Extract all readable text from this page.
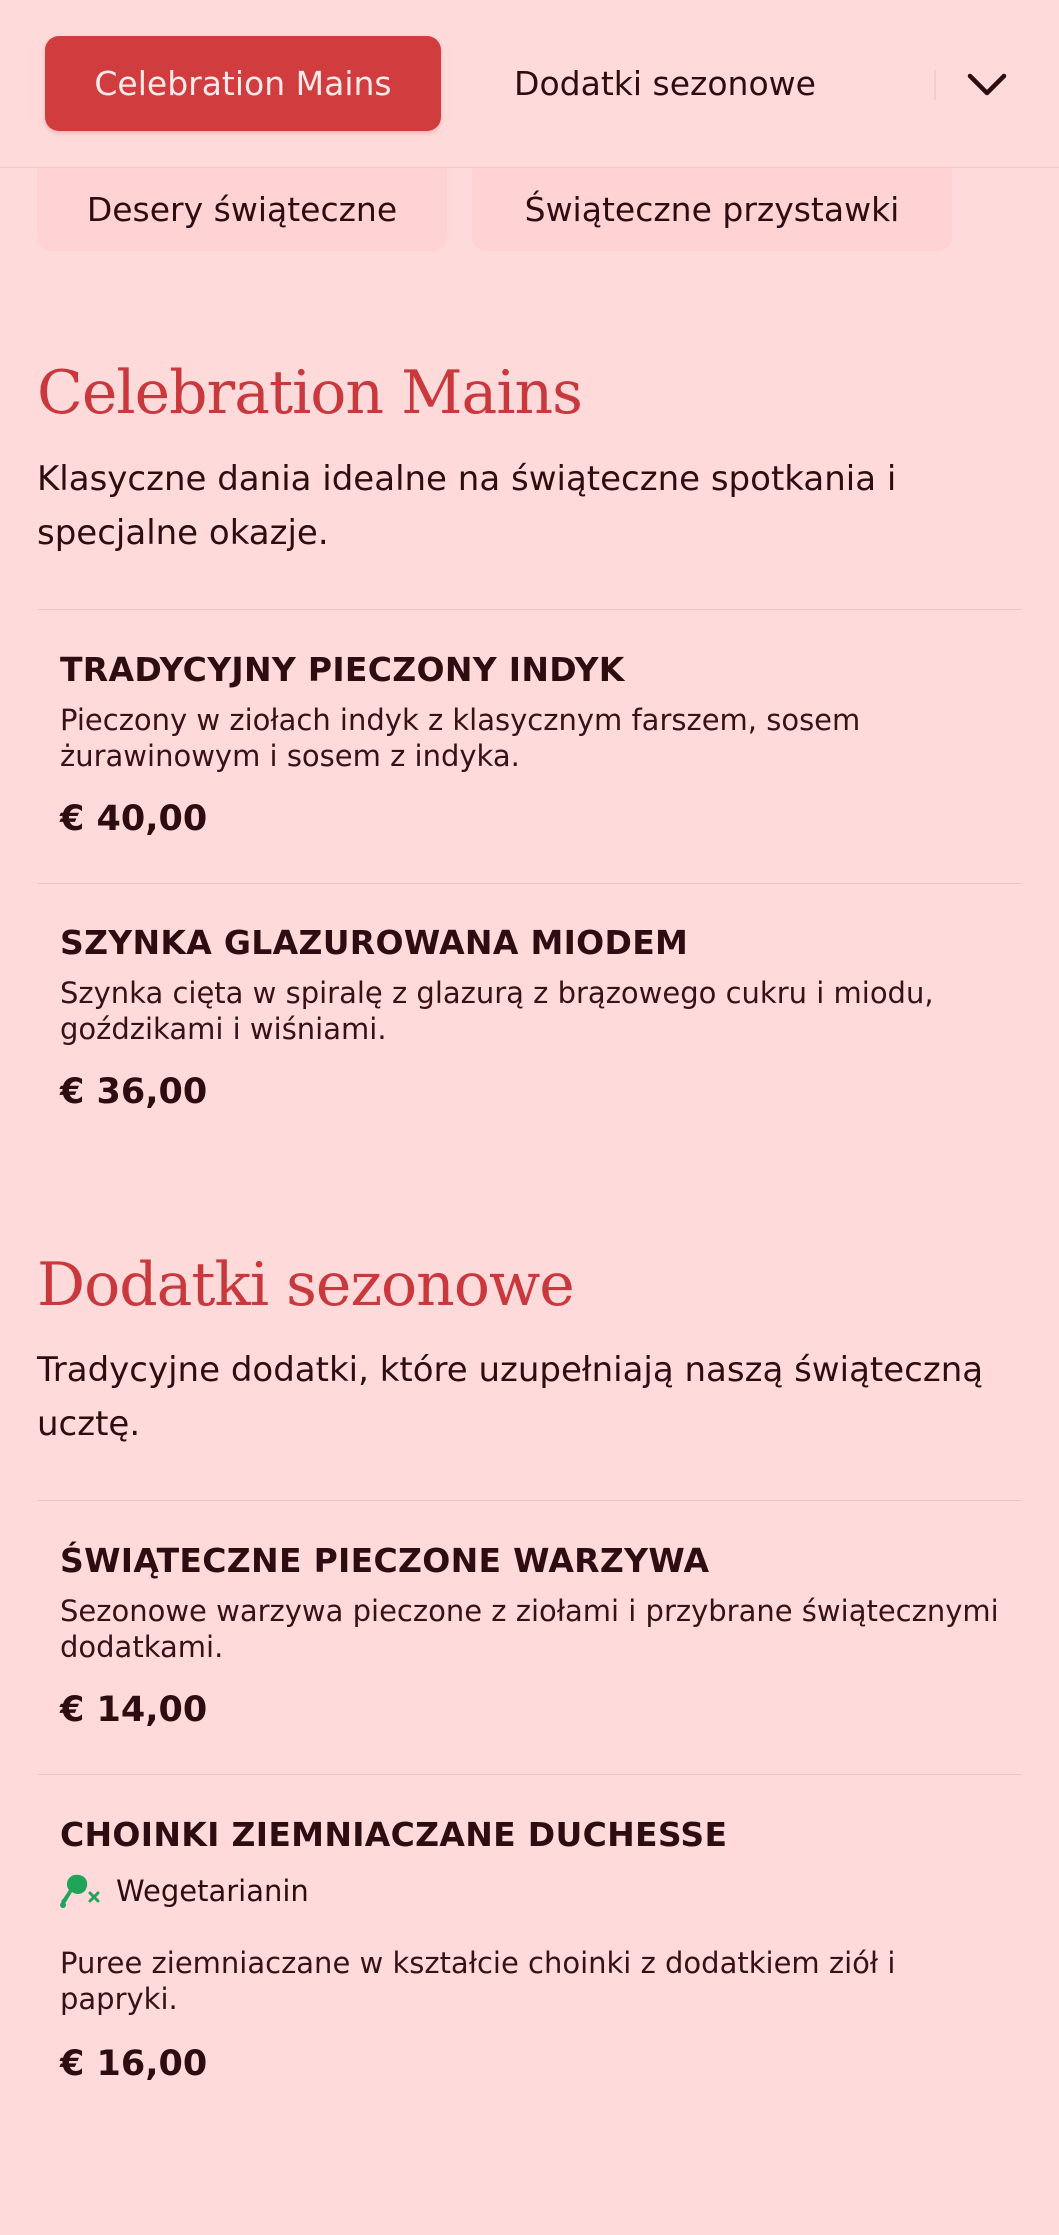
Celebration Mains	Dodatki sezonowe
Desery świąteczne	Świąteczne przystawki
Celebration Mains

Klasyczne dania idealne na świąteczne spotkania i specjalne okazje.

TRADYCYJNY PIECZONY INDYK

Pieczony w ziołach indyk z klasycznym farszem, sosem żurawinowym i sosem z indyka.

€ 40,00

SZYNKA GLAZUROWANA MIODEM

Szynka cięta w spiralę z glazurą z brązowego cukru i miodu, goździkami i wiśniami.

€ 36,00

Dodatki sezonowe

Tradycyjne dodatki, które uzupełniają naszą świąteczną ucztę.

ŚWIĄTECZNE PIECZONE WARZYWA

Sezonowe warzywa pieczone z ziołami i przybrane świątecznymi dodatkami.

€ 14,00

CHOINKI ZIEMNIACZANE DUCHESSE

Wegetarianin

Puree ziemniaczane w kształcie choinki z dodatkiem ziół i papryki.

€ 16,00
